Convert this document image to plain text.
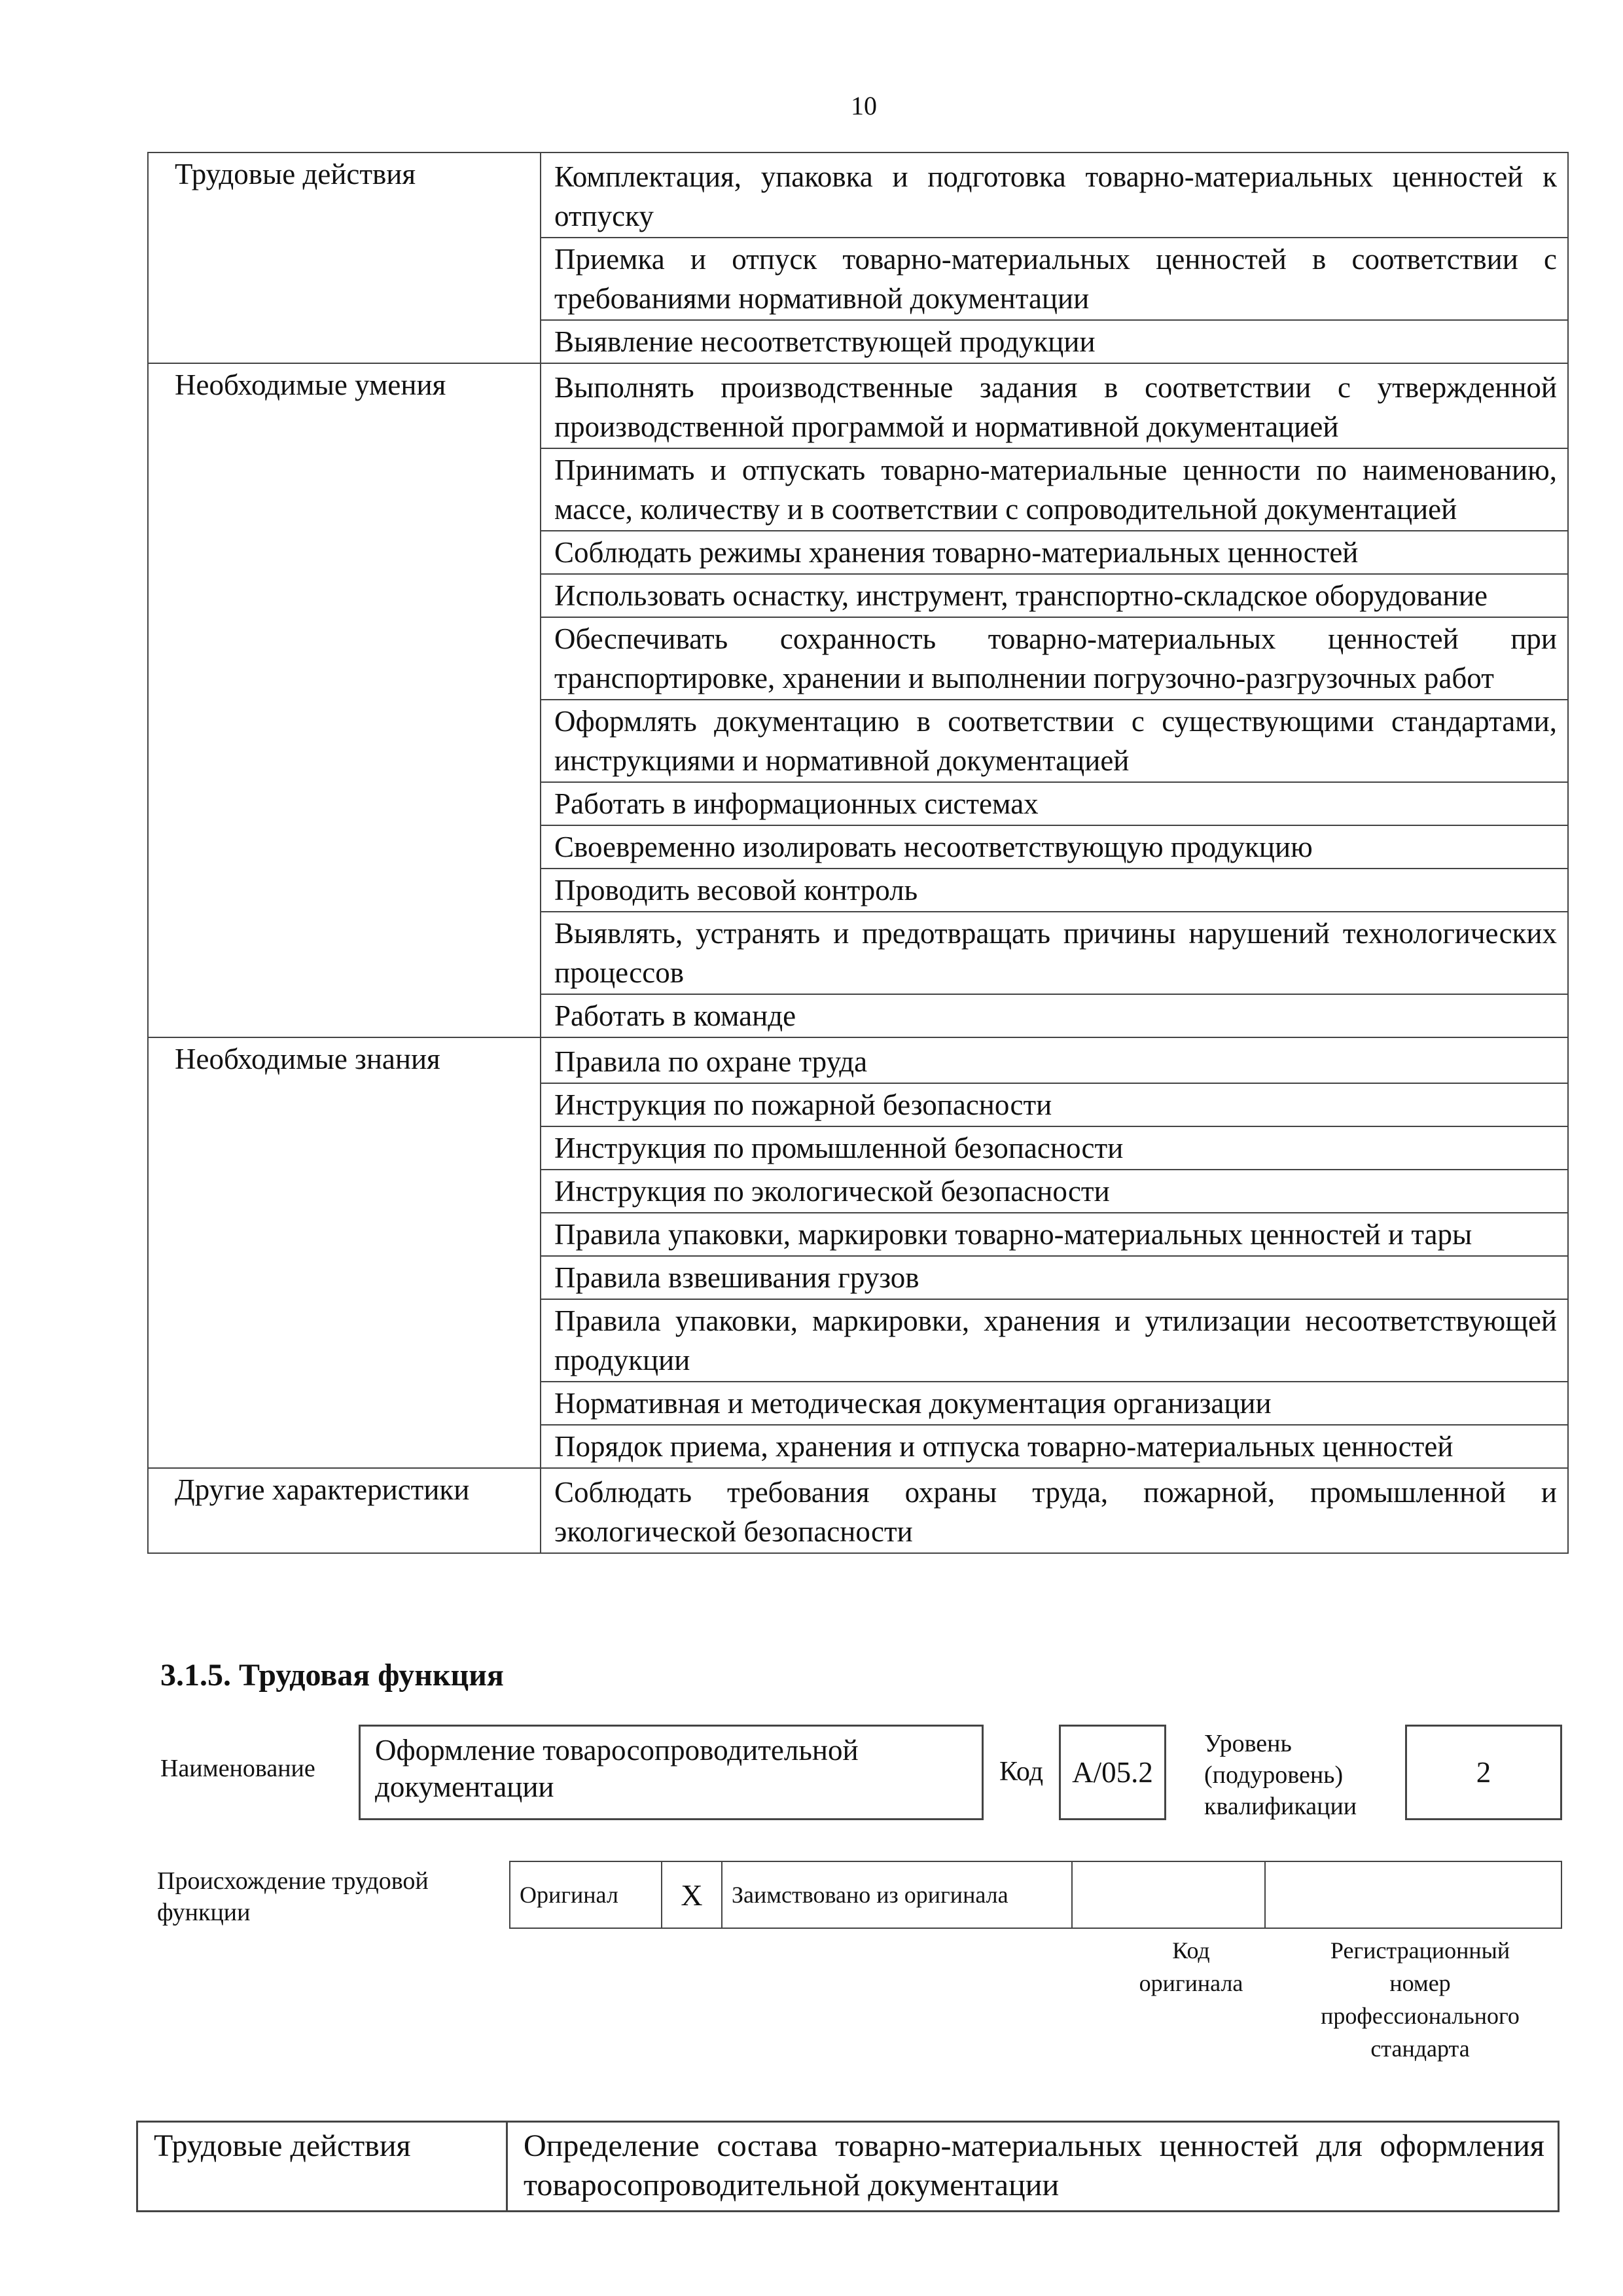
10
Трудовые действия	Комплектация, упаковка и подготовка товарно-материальных ценностей к отпуску
	Приемка и отпуск товарно-материальных ценностей в соответствии с требованиями нормативной документации
	Выявление несоответствующей продукции
Необходимые умения	Выполнять производственные задания в соответствии с утвержденной производственной программой и нормативной документацией
	Принимать и отпускать товарно-материальные ценности по наименованию, массе, количеству и в соответствии с сопроводительной документацией
	Соблюдать режимы хранения товарно-материальных ценностей
	Использовать оснастку, инструмент, транспортно-складское оборудование
	Обеспечивать сохранность товарно-материальных ценностей при транспортировке, хранении и выполнении погрузочно-разгрузочных работ
	Оформлять документацию в соответствии с существующими стандартами, инструкциями и нормативной документацией
	Работать в информационных системах
	Своевременно изолировать несоответствующую продукцию
	Проводить весовой контроль
	Выявлять, устранять и предотвращать причины нарушений технологических процессов
	Работать в команде
Необходимые знания	Правила по охране труда
	Инструкция по пожарной безопасности
	Инструкция по промышленной безопасности
	Инструкция по экологической безопасности
	Правила упаковки, маркировки товарно-материальных ценностей и тары
	Правила взвешивания грузов
	Правила упаковки, маркировки, хранения и утилизации несоответствующей продукции
	Нормативная и методическая документация организации
	Порядок приема, хранения и отпуска товарно-материальных ценностей
Другие характеристики	Соблюдать требования охраны труда, пожарной, промышленной и экологической безопасности
3.1.5. Трудовая функция
Наименование
Оформление товаросопроводительной документации	Код A/05.2
Уровень
(подуровень)
квалификации
2
Происхождение трудовой
функции
Оригинал	X	Заимствовано из оригинала		
Код
оригинала
Регистрационный
номер
профессионального
стандарта
Трудовые действия	Определение состава товарно-материальных ценностей для оформления товаросопроводительной документации
